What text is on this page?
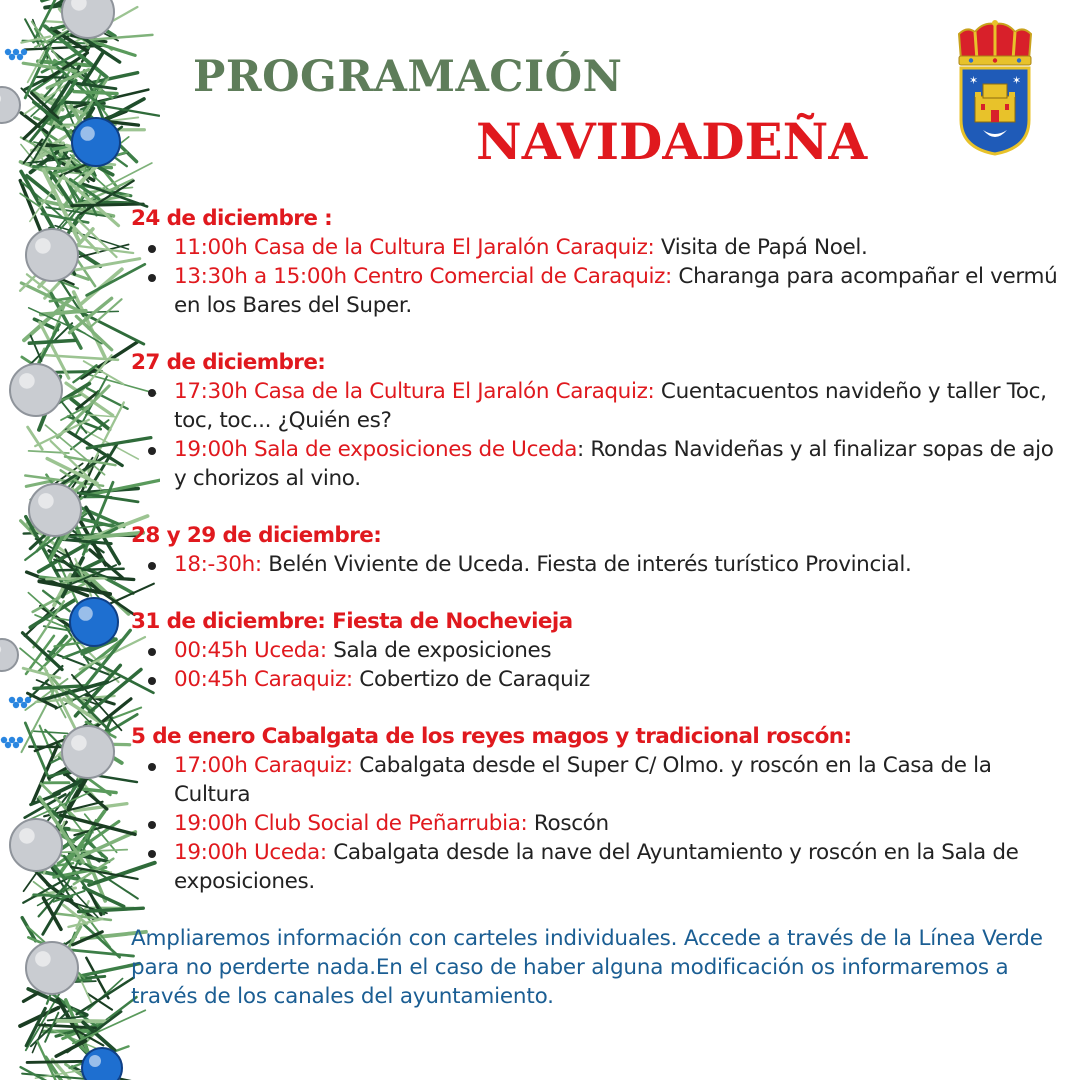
PROGRAMACIÓN
NAVIDADEÑA
✶	✶
24 de diciembre :
11:00h Casa de la Cultura El Jaralón Caraquiz: Visita de Papá Noel.
13:30h a 15:00h Centro Comercial de Caraquiz: Charanga para acompañar el vermú en los Bares del Super.
27 de diciembre:
17:30h Casa de la Cultura El Jaralón Caraquiz: Cuentacuentos navideño y taller Toc, toc, toc... ¿Quién es?
19:00h Sala de exposiciones de Uceda: Rondas Navideñas y al finalizar sopas de ajo y chorizos al vino.
28 y 29 de diciembre:
18:-30h: Belén Viviente de Uceda. Fiesta de interés turístico Provincial.
31 de diciembre: Fiesta de Nochevieja
00:45h Uceda: Sala de exposiciones
00:45h Caraquiz: Cobertizo de Caraquiz
5 de enero Cabalgata de los reyes magos y tradicional roscón:
17:00h Caraquiz: Cabalgata desde el Super C/ Olmo. y roscón en la Casa de la Cultura
19:00h Club Social de Peñarrubia: Roscón
19:00h Uceda: Cabalgata desde la nave del Ayuntamiento y roscón en la Sala de exposiciones.
Ampliaremos información con carteles individuales. Accede a través de la Línea Verde para no perderte nada.En el caso de haber alguna modificación os informaremos a través de los canales del ayuntamiento.
